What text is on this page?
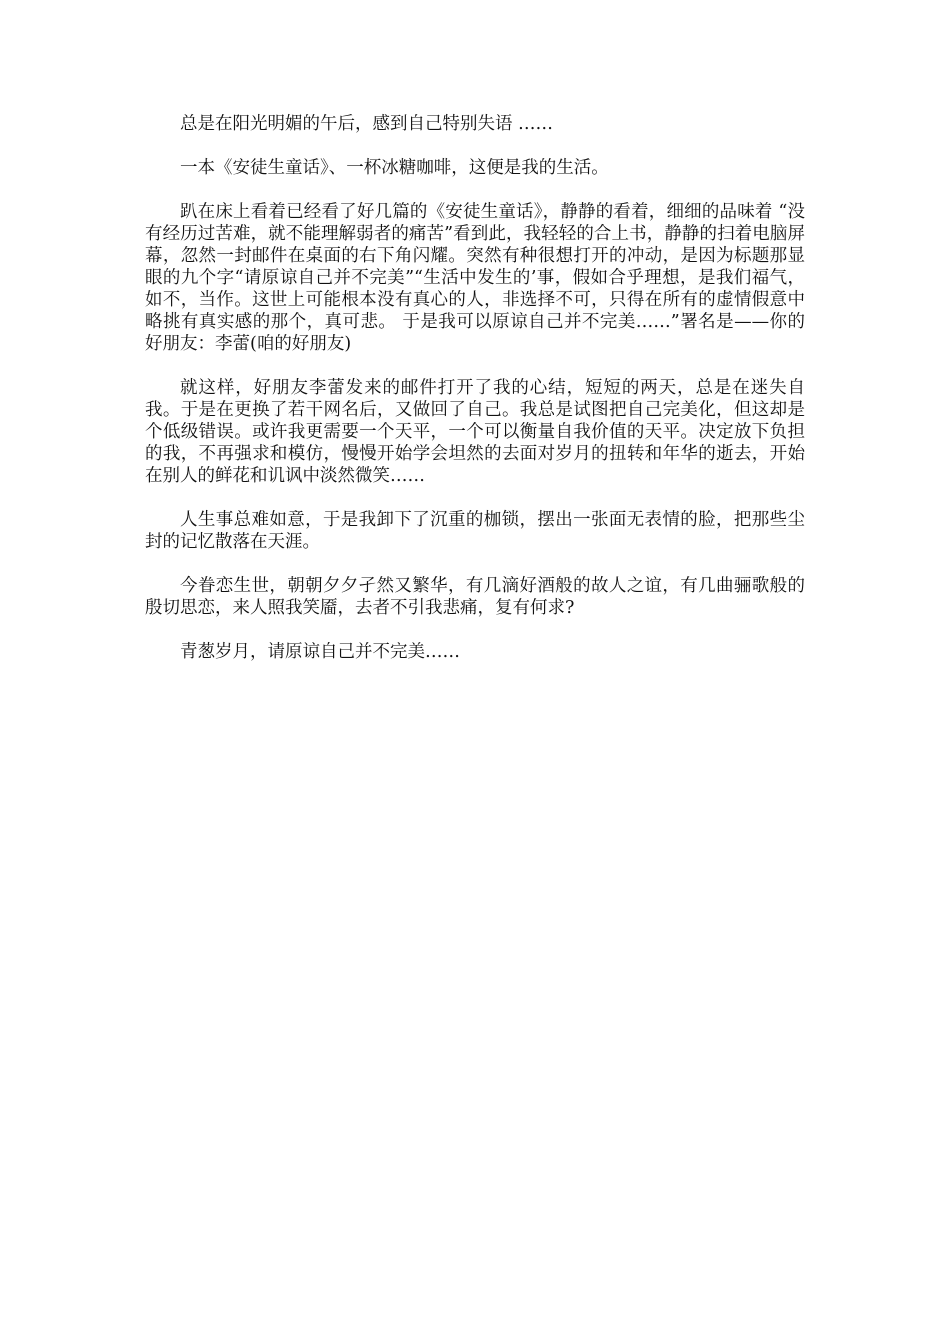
总是在阳光明媚的午后，感到自己特别失语 ……

一本《安徒生童话》、一杯冰糖咖啡，这便是我的生活。

趴在床上看着已经看了好几篇的《安徒生童话》，静静的看着，细细的品味着 “没有经历过苦难，就不能理解弱者的痛苦”看到此，我轻轻的合上书，静静的扫着电脑屏幕，忽然一封邮件在桌面的右下角闪耀。突然有种很想打开的冲动，是因为标题那显眼的九个字“请原谅自己并不完美”“生活中发生的’事，假如合乎理想，是我们福气，如不，当作。这世上可能根本没有真心的人，非选择不可，只得在所有的虚情假意中略挑有真实感的那个，真可悲。 于是我可以原谅自己并不完美……”署名是——你的好朋友：李蕾(咱的好朋友)

就这样，好朋友李蕾发来的邮件打开了我的心结，短短的两天，总是在迷失自我。于是在更换了若干网名后，又做回了自己。我总是试图把自己完美化，但这却是个低级错误。或许我更需要一个天平，一个可以衡量自我价值的天平。决定放下负担的我，不再强求和模仿，慢慢开始学会坦然的去面对岁月的扭转和年华的逝去，开始在别人的鲜花和讥讽中淡然微笑……

人生事总难如意，于是我卸下了沉重的枷锁，摆出一张面无表情的脸，把那些尘封的记忆散落在天涯。

今眷恋生世，朝朝夕夕孑然又繁华，有几滴好酒般的故人之谊，有几曲骊歌般的殷切思恋，来人照我笑靥，去者不引我悲痛，复有何求?

青葱岁月，请原谅自己并不完美……
